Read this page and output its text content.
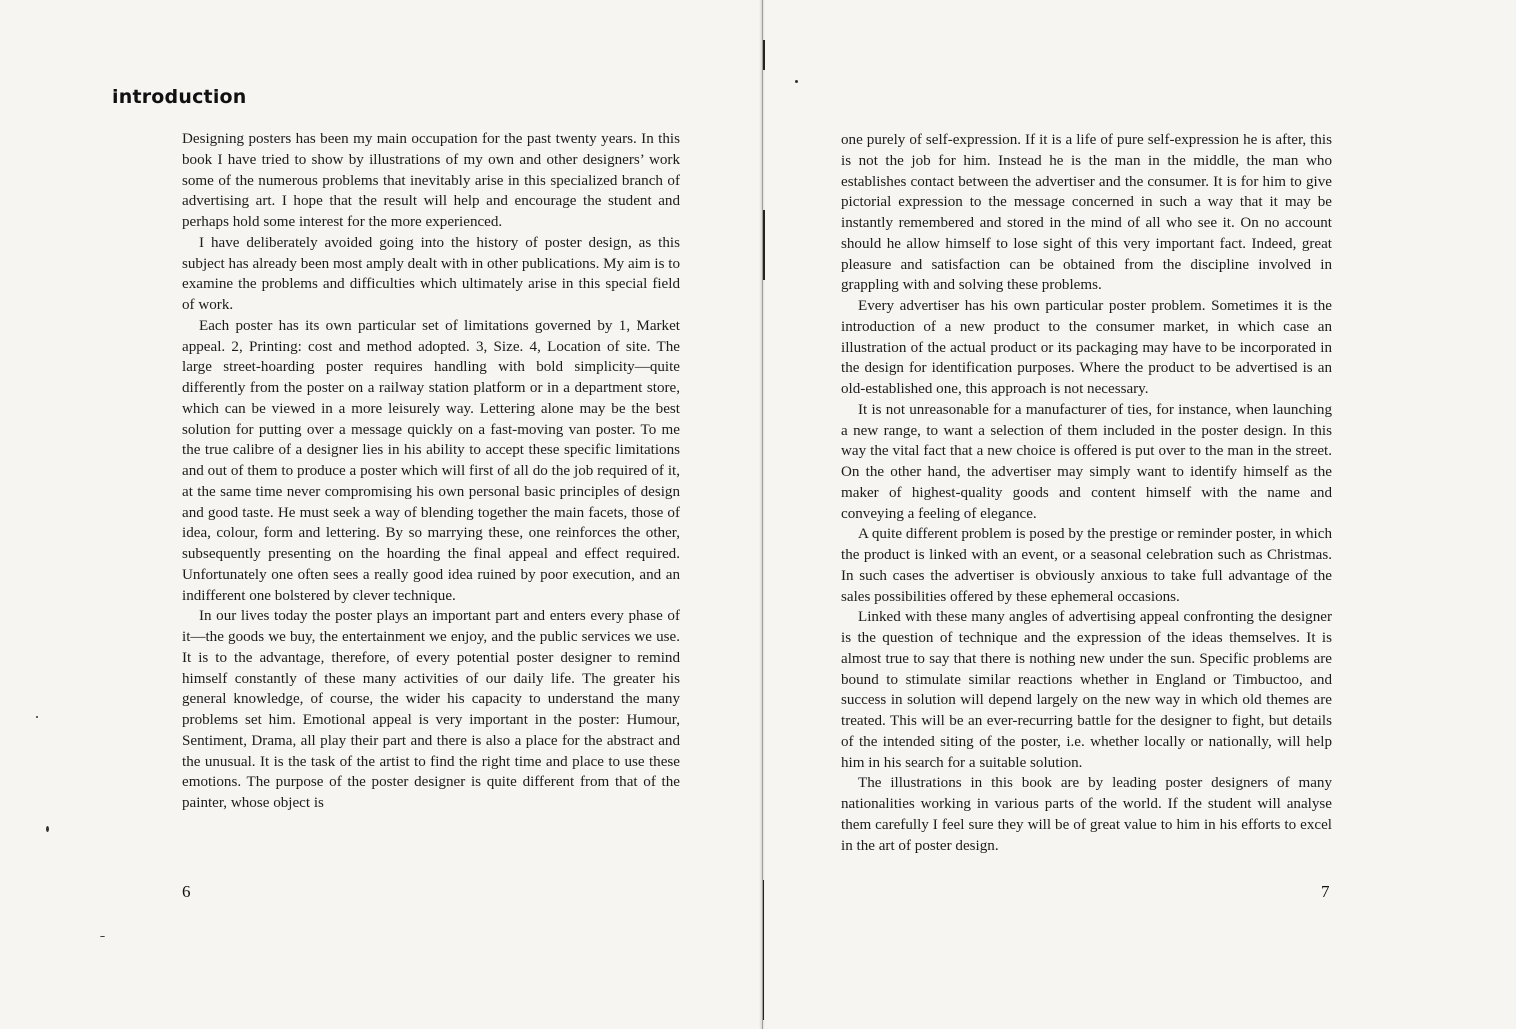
introduction

Designing posters has been my main occupation for the past twenty years. In this book I have tried to show by illustrations of my own and other designers’ work some of the numerous problems that inevitably arise in this specialized branch of advertising art. I hope that the result will help and encourage the student and perhaps hold some interest for the more experienced.

I have deliberately avoided going into the history of poster design, as this subject has already been most amply dealt with in other publications. My aim is to examine the problems and difficulties which ultimately arise in this special field of work.

Each poster has its own particular set of limitations governed by 1, Market appeal. 2, Printing: cost and method adopted. 3, Size. 4, Location of site. The large street-hoarding poster requires handling with bold simplicity—quite differently from the poster on a railway station platform or in a department store, which can be viewed in a more leisurely way. Lettering alone may be the best solution for putting over a message quickly on a fast-moving van poster. To me the true calibre of a designer lies in his ability to accept these specific limitations and out of them to produce a poster which will first of all do the job required of it, at the same time never compromising his own personal basic principles of design and good taste. He must seek a way of blending together the main facets, those of idea, colour, form and lettering. By so marrying these, one reinforces the other, subsequently presenting on the hoarding the final appeal and effect required. Unfortunately one often sees a really good idea ruined by poor execution, and an indifferent one bolstered by clever technique.

In our lives today the poster plays an important part and enters every phase of it—the goods we buy, the entertainment we enjoy, and the public services we use. It is to the advantage, therefore, of every potential poster designer to remind himself constantly of these many activities of our daily life. The greater his general knowledge, of course, the wider his capacity to understand the many problems set him. Emotional appeal is very important in the poster: Humour, Sentiment, Drama, all play their part and there is also a place for the abstract and the unusual. It is the task of the artist to find the right time and place to use these emotions. The purpose of the poster designer is quite different from that of the painter, whose object is

6

one purely of self-expression. If it is a life of pure self-expression he is after, this is not the job for him. Instead he is the man in the middle, the man who establishes contact between the advertiser and the consumer. It is for him to give pictorial expression to the message concerned in such a way that it may be instantly remembered and stored in the mind of all who see it. On no account should he allow himself to lose sight of this very important fact. Indeed, great pleasure and satisfaction can be obtained from the discipline involved in grappling with and solving these problems.

Every advertiser has his own particular poster problem. Sometimes it is the introduction of a new product to the consumer market, in which case an illustration of the actual product or its packaging may have to be incorporated in the design for identification purposes. Where the product to be advertised is an old-established one, this approach is not necessary.

It is not unreasonable for a manufacturer of ties, for instance, when launching a new range, to want a selection of them included in the poster design. In this way the vital fact that a new choice is offered is put over to the man in the street. On the other hand, the advertiser may simply want to identify himself as the maker of highest-quality goods and content himself with the name and conveying a feeling of elegance.

A quite different problem is posed by the prestige or reminder poster, in which the product is linked with an event, or a seasonal celebration such as Christmas. In such cases the advertiser is obviously anxious to take full advantage of the sales possibilities offered by these ephemeral occasions.

Linked with these many angles of advertising appeal confronting the designer is the question of technique and the expression of the ideas themselves. It is almost true to say that there is nothing new under the sun. Specific problems are bound to stimulate similar reactions whether in England or Timbuctoo, and success in solution will depend largely on the new way in which old themes are treated. This will be an ever-recurring battle for the designer to fight, but details of the intended siting of the poster, i.e. whether locally or nationally, will help him in his search for a suitable solution.

The illustrations in this book are by leading poster designers of many nationalities working in various parts of the world. If the student will analyse them carefully I feel sure they will be of great value to him in his efforts to excel in the art of poster design.

7
